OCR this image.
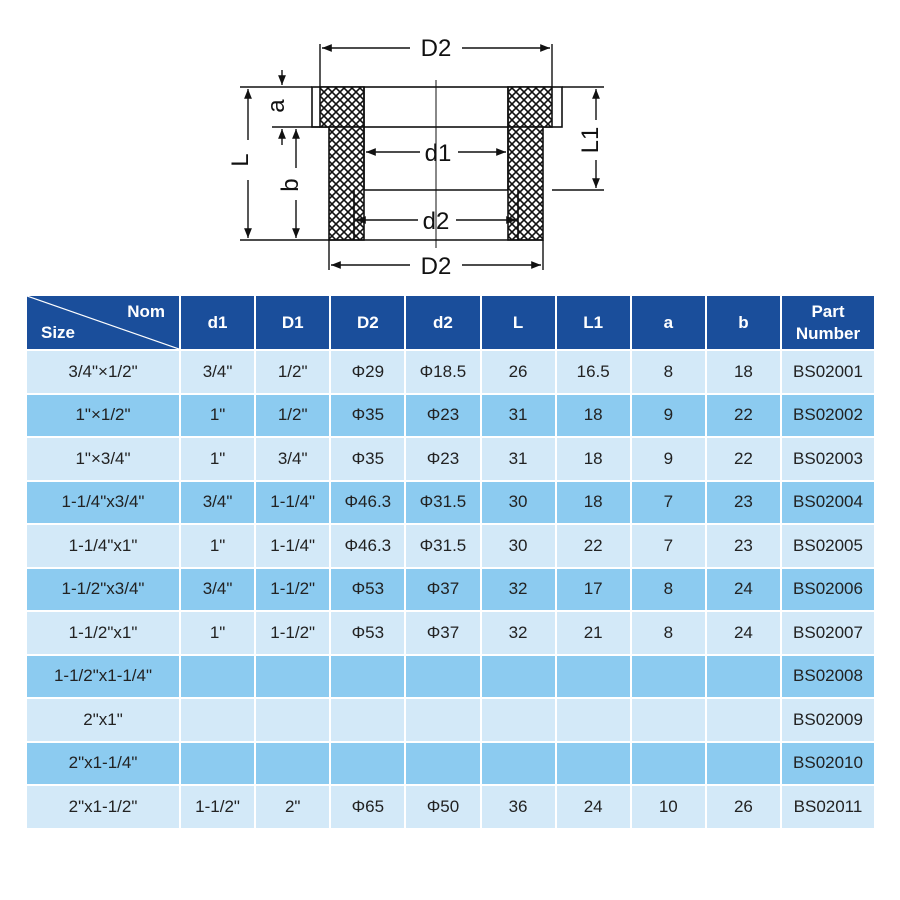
D2
D2
d1
d2
L
a
b
L1
Nom
Size	d1	D1	D2	d2	L	L1	a	b	Part
Number
3/4"×1/2"	3/4"	1/2"	Φ29	Φ18.5	26	16.5	8	18	BS02001
1"×1/2"	1"	1/2"	Φ35	Φ23	31	18	9	22	BS02002
1"×3/4"	1"	3/4"	Φ35	Φ23	31	18	9	22	BS02003
1-1/4"x3/4"	3/4"	1-1/4"	Φ46.3	Φ31.5	30	18	7	23	BS02004
1-1/4"x1"	1"	1-1/4"	Φ46.3	Φ31.5	30	22	7	23	BS02005
1-1/2"x3/4"	3/4"	1-1/2"	Φ53	Φ37	32	17	8	24	BS02006
1-1/2"x1"	1"	1-1/2"	Φ53	Φ37	32	21	8	24	BS02007
1-1/2"x1-1/4"									BS02008
2"x1"									BS02009
2"x1-1/4"									BS02010
2"x1-1/2"	1-1/2"	2"	Φ65	Φ50	36	24	10	26	BS02011
